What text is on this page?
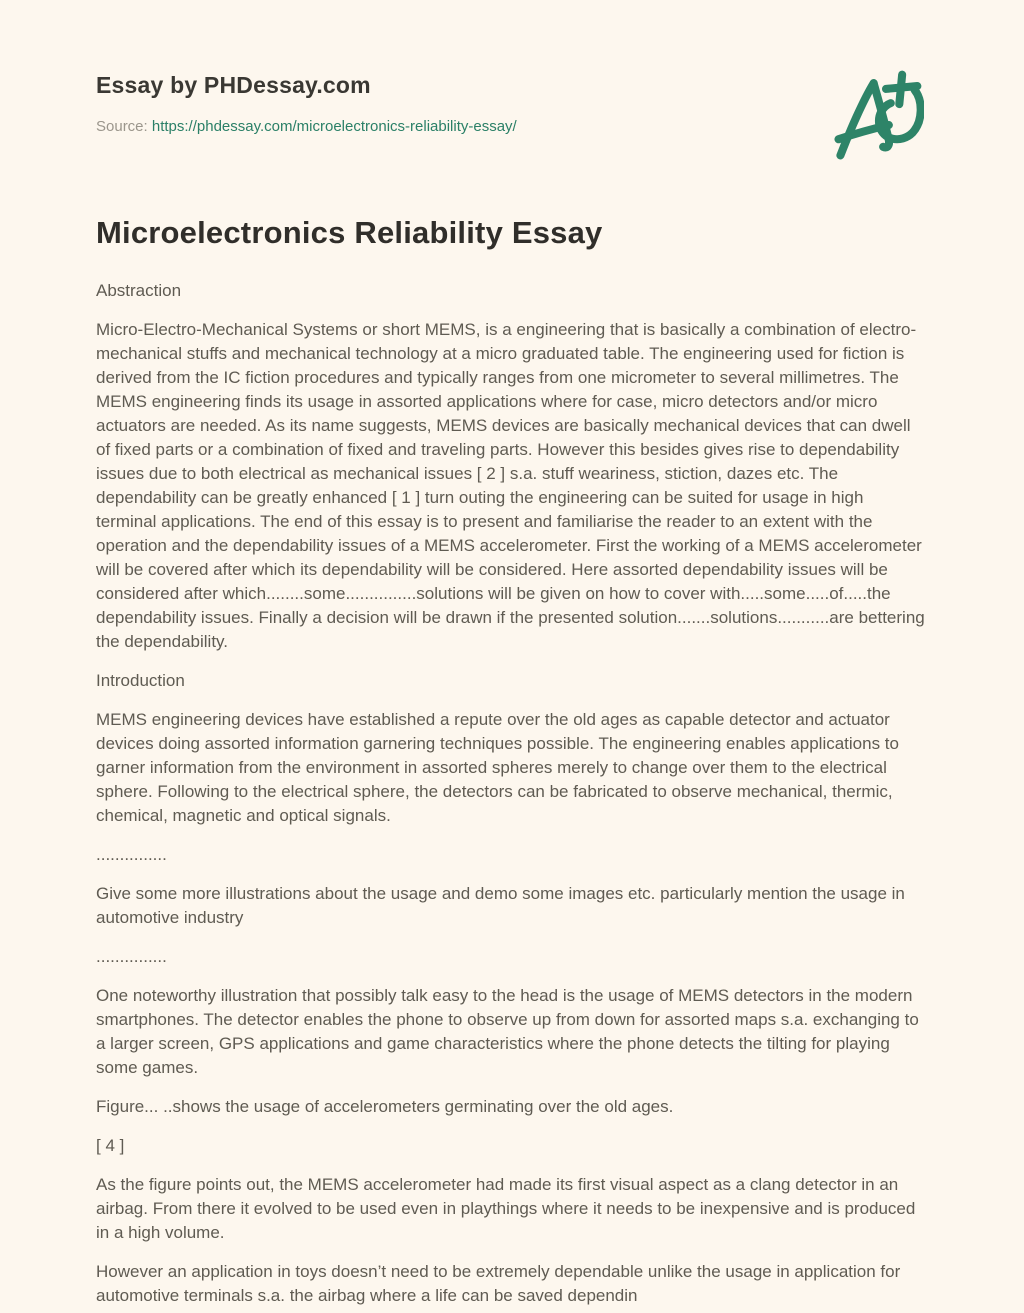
Essay by PHDessay.com

Source: https://phdessay.com/microelectronics-reliability-essay/

Microelectronics Reliability Essay

Abstraction

Micro-Electro-Mechanical Systems or short MEMS, is a engineering that is basically a combination of electro-mechanical stuffs and mechanical technology at a micro graduated table. The engineering used for fiction is derived from the IC fiction procedures and typically ranges from one micrometer to several millimetres. The MEMS engineering finds its usage in assorted applications where for case, micro detectors and/or micro actuators are needed. As its name suggests, MEMS devices are basically mechanical devices that can dwell of fixed parts or a combination of fixed and traveling parts. However this besides gives rise to dependability issues due to both electrical as mechanical issues [ 2 ] s.a. stuff weariness, stiction, dazes etc. The dependability can be greatly enhanced [ 1 ] turn outing the engineering can be suited for usage in high terminal applications. The end of this essay is to present and familiarise the reader to an extent with the operation and the dependability issues of a MEMS accelerometer. First the working of a MEMS accelerometer will be covered after which its dependability will be considered. Here assorted dependability issues will be considered after which........some...............solutions will be given on how to cover with.....some.....of.....the dependability issues. Finally a decision will be drawn if the presented solution.......solutions...........are bettering the dependability.

Introduction

MEMS engineering devices have established a repute over the old ages as capable detector and actuator devices doing assorted information garnering techniques possible. The engineering enables applications to garner information from the environment in assorted spheres merely to change over them to the electrical sphere. Following to the electrical sphere, the detectors can be fabricated to observe mechanical, thermic, chemical, magnetic and optical signals.

...............

Give some more illustrations about the usage and demo some images etc. particularly mention the usage in automotive industry

...............

One noteworthy illustration that possibly talk easy to the head is the usage of MEMS detectors in the modern smartphones. The detector enables the phone to observe up from down for assorted maps s.a. exchanging to a larger screen, GPS applications and game characteristics where the phone detects the tilting for playing some games.

Figure... ..shows the usage of accelerometers germinating over the old ages.

[ 4 ]

As the figure points out, the MEMS accelerometer had made its first visual aspect as a clang detector in an airbag. From there it evolved to be used even in playthings where it needs to be inexpensive and is produced in a high volume.

However an application in toys doesn’t need to be extremely dependable unlike the usage in application for automotive terminals s.a. the airbag where a life can be saved dependin
